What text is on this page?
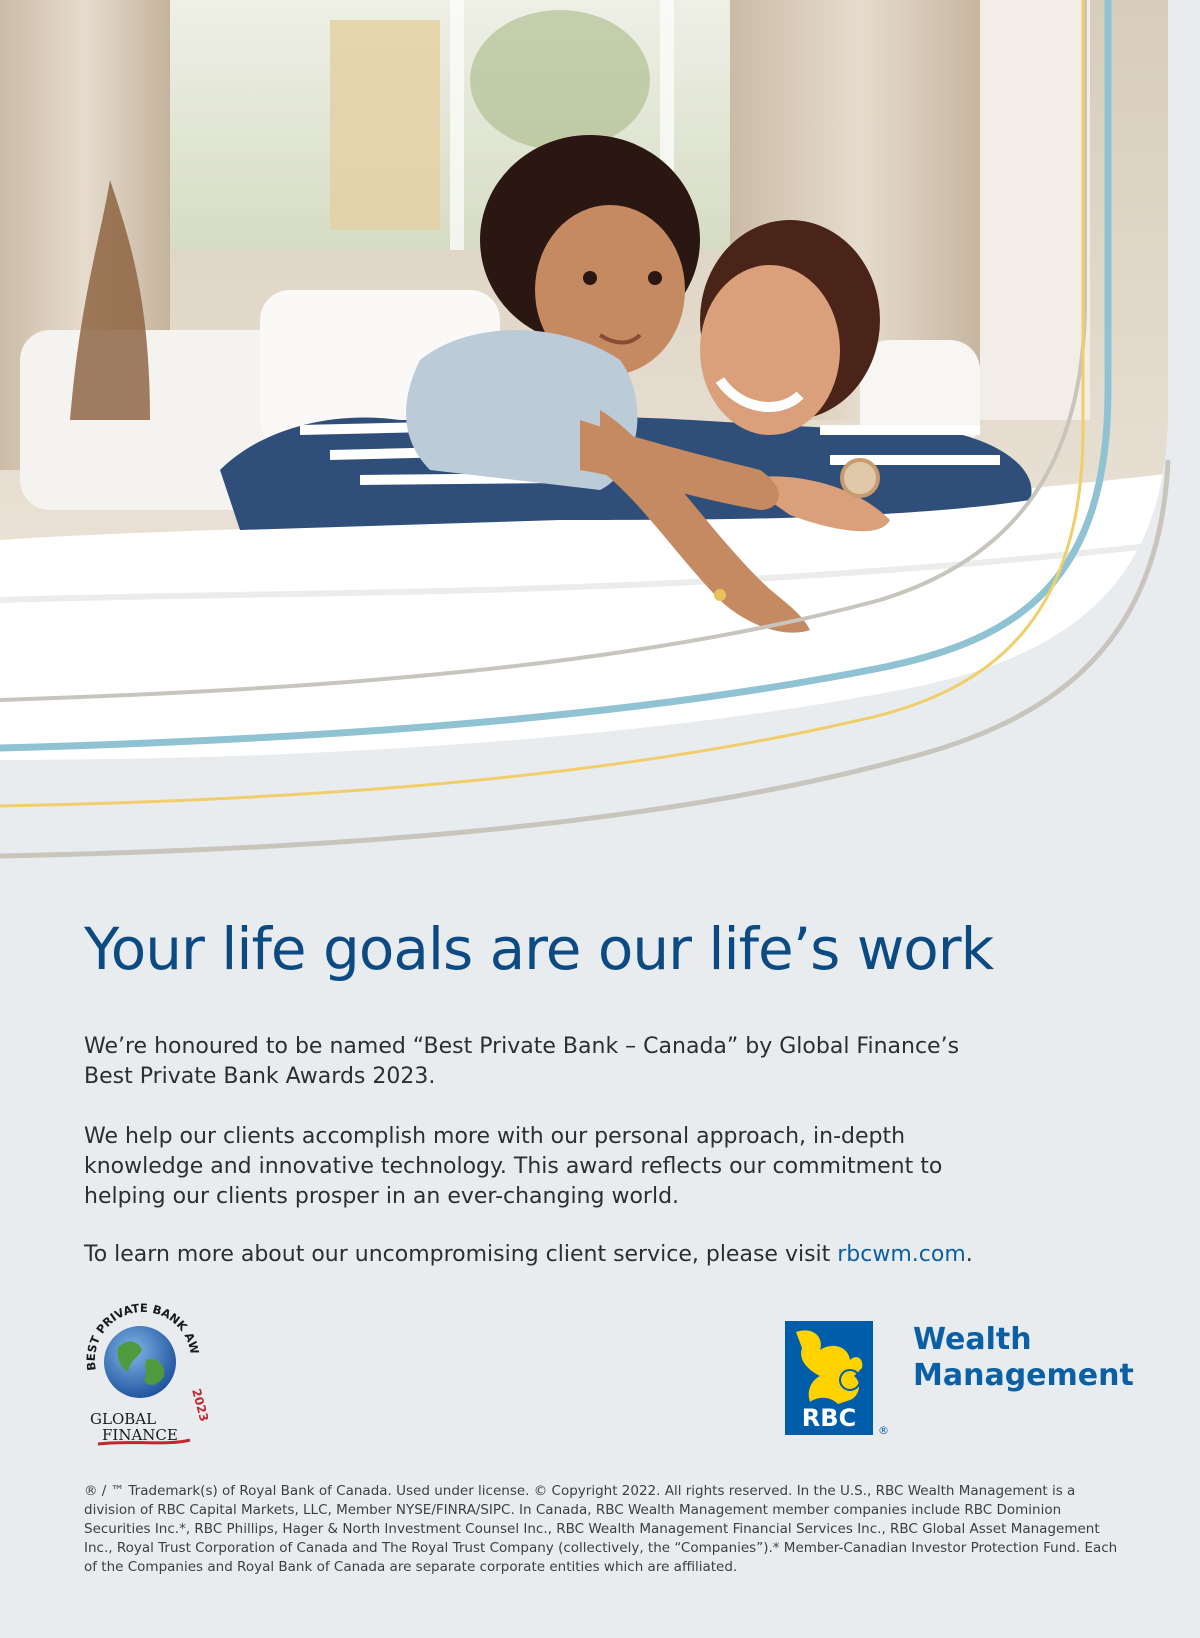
Your life goals are our life’s work

We’re honoured to be named “Best Private Bank – Canada” by Global Finance’s
Best Private Bank Awards 2023.

We help our clients accomplish more with our personal approach, in-depth
knowledge and innovative technology. This award reflects our commitment to
helping our clients prosper in an ever-changing world.

To learn more about our uncompromising client service, please visit rbcwm.com.

BEST PRIVATE BANK AW
2023
GLOBAL
FINANCE
RBC ®
Wealth
Management

® / ™ Trademark(s) of Royal Bank of Canada. Used under license. © Copyright 2022. All rights reserved. In the U.S., RBC Wealth Management is a division of RBC Capital Markets, LLC, Member NYSE/FINRA/SIPC. In Canada, RBC Wealth Management member companies include RBC Dominion Securities Inc.*, RBC Phillips, Hager & North Investment Counsel Inc., RBC Wealth Management Financial Services Inc., RBC Global Asset Management Inc., Royal Trust Corporation of Canada and The Royal Trust Company (collectively, the “Companies”).* Member-Canadian Investor Protection Fund. Each of the Companies and Royal Bank of Canada are separate corporate entities which are affiliated.
